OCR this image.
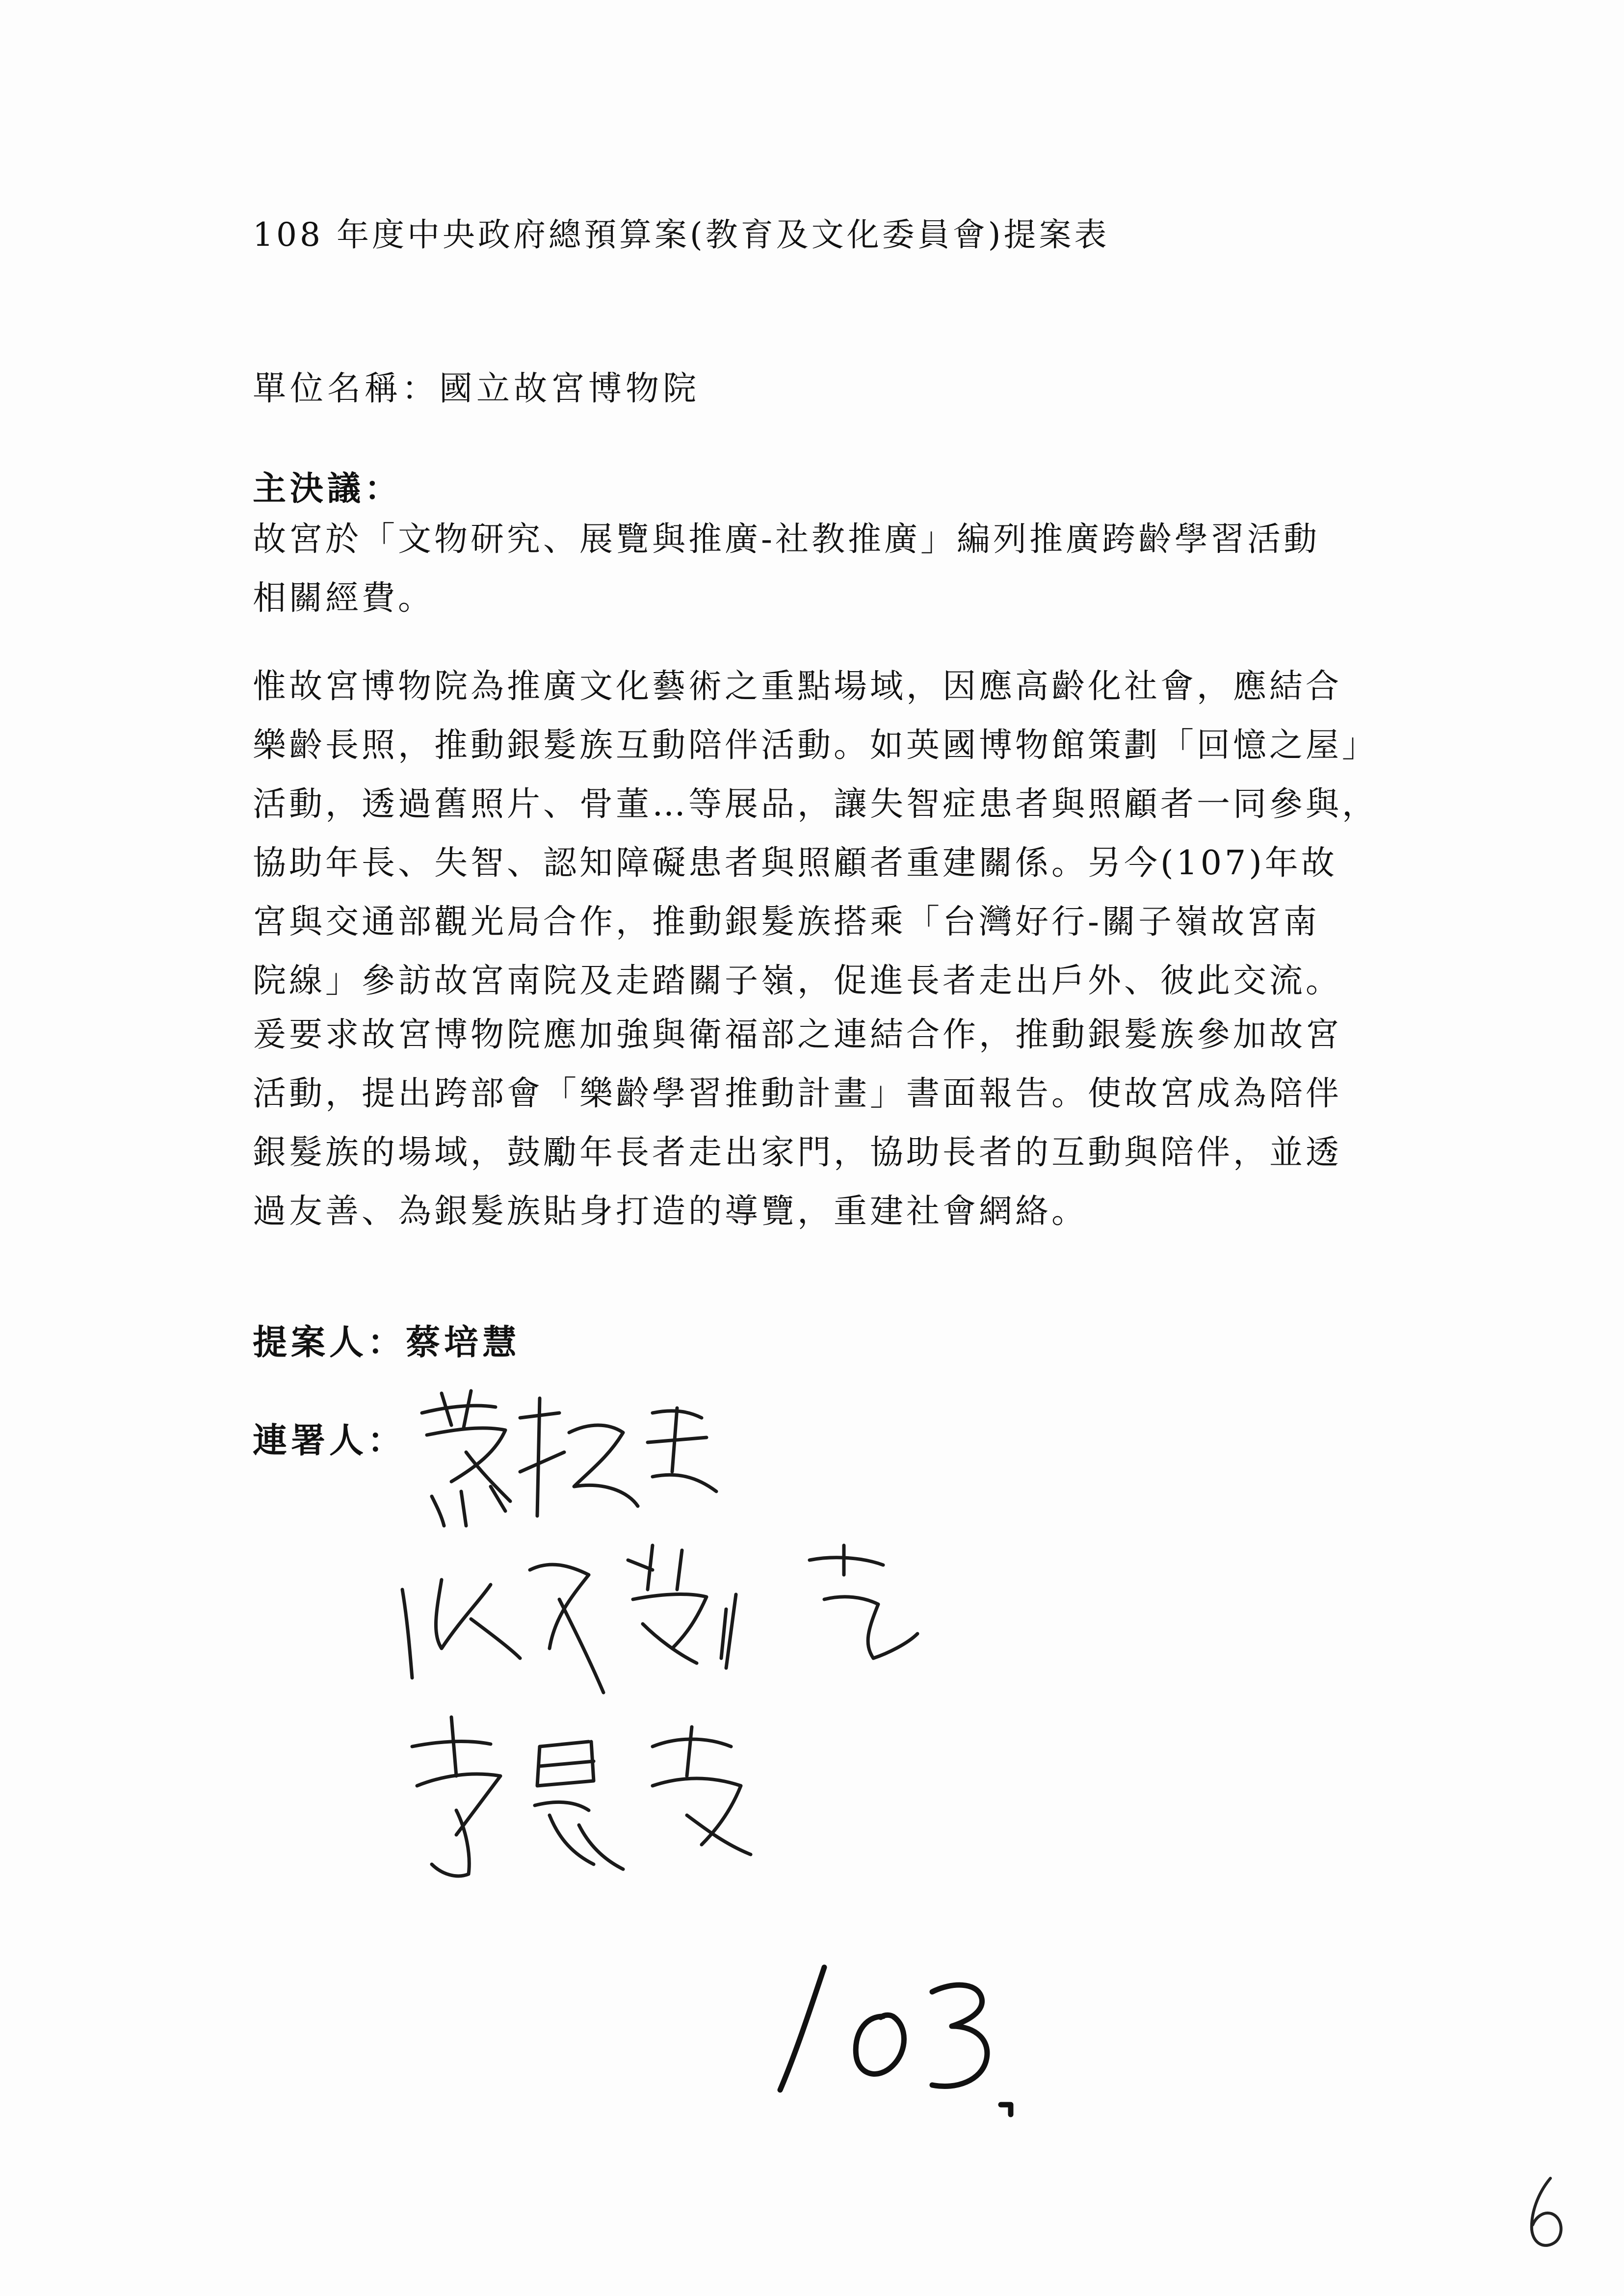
108 年度中央政府總預算案(教育及文化委員會)提案表
單位名稱：國立故宮博物院
主決議：
故宮於「文物研究、展覽與推廣-社教推廣」編列推廣跨齡學習活動
相關經費。
惟故宮博物院為推廣文化藝術之重點場域，因應高齡化社會，應結合
樂齡長照，推動銀髮族互動陪伴活動。如英國博物館策劃「回憶之屋」
活動，透過舊照片、骨董…等展品，讓失智症患者與照顧者一同參與，
協助年長、失智、認知障礙患者與照顧者重建關係。另今(107)年故
宮與交通部觀光局合作，推動銀髮族搭乘「台灣好行-關子嶺故宮南
院線」參訪故宮南院及走踏關子嶺，促進長者走出戶外、彼此交流。
爰要求故宮博物院應加強與衛福部之連結合作，推動銀髮族參加故宮
活動，提出跨部會「樂齡學習推動計畫」書面報告。使故宮成為陪伴
銀髮族的場域，鼓勵年長者走出家門，協助長者的互動與陪伴，並透
過友善、為銀髮族貼身打造的導覽，重建社會網絡。
提案人：蔡培慧
連署人：
